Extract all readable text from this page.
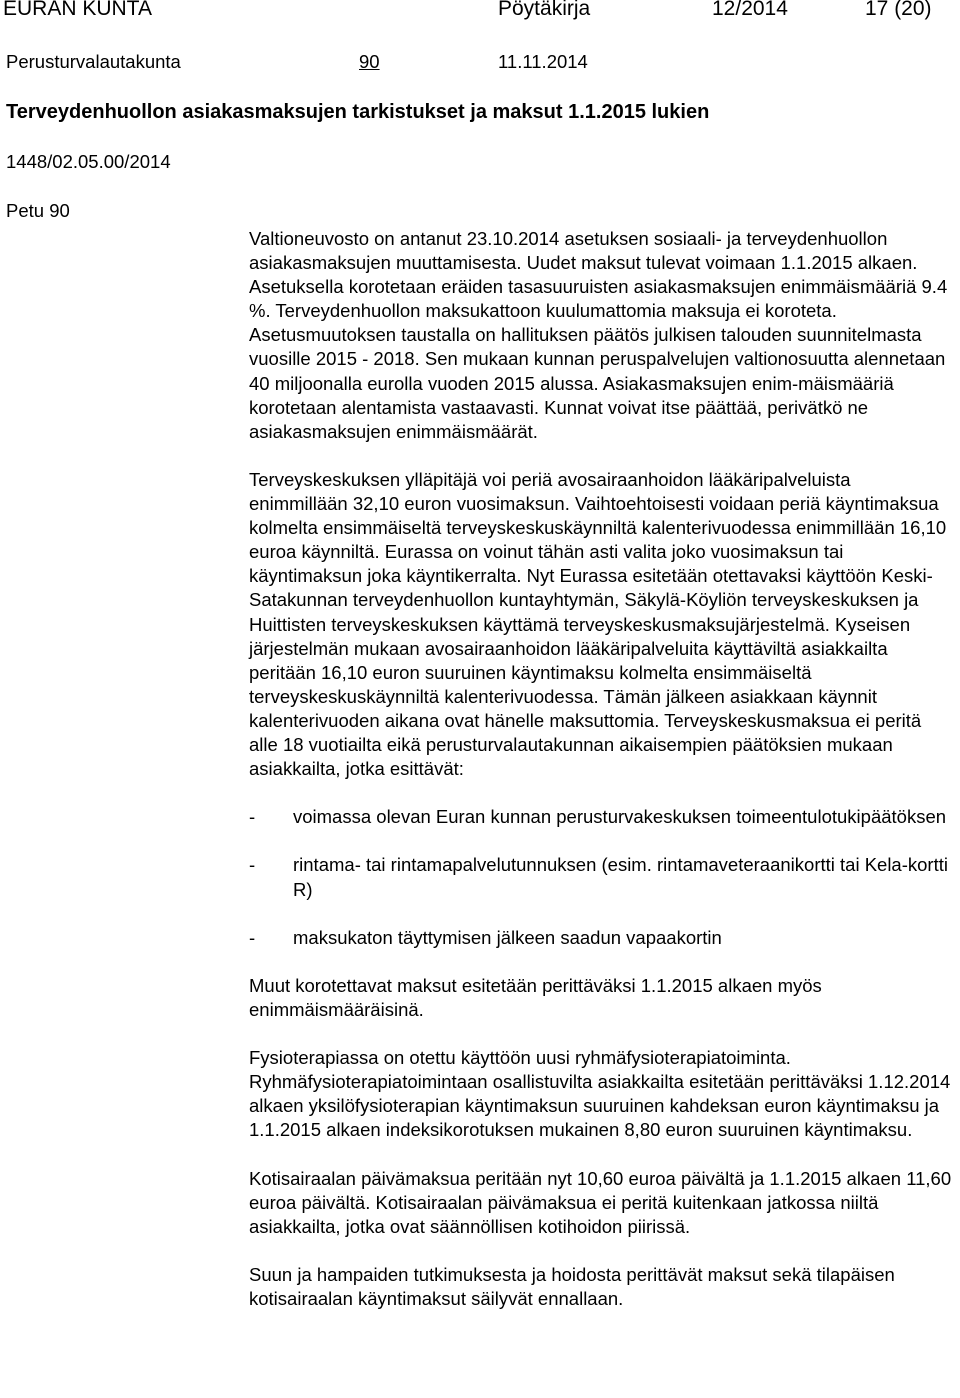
EURAN KUNTA	Pöytäkirja	12/2014	17 (20)
Perusturvalautakunta	90	11.11.2014
Terveydenhuollon asiakasmaksujen tarkistukset ja maksut 1.1.2015 lukien
1448/02.05.00/2014
Petu 90

Valtioneuvosto on antanut 23.10.2014 asetuksen sosiaali- ja terveydenhuollon asiakasmaksujen muuttamisesta. Uudet maksut tulevat voimaan 1.1.2015 alkaen. Asetuksella korotetaan eräiden tasasuuruisten asiakasmaksujen enimmäismääriä 9.4 %. Terveydenhuollon maksukattoon kuulumattomia maksuja ei koroteta. Asetusmuutoksen taustalla on hallituksen päätös julkisen talouden suunnitelmasta vuosille 2015 - 2018. Sen mukaan kunnan peruspalvelujen valtionosuutta alennetaan 40 miljoonalla eurolla vuoden 2015 alussa. Asiakasmaksujen enim-mäismääriä korotetaan alentamista vastaavasti. Kunnat voivat itse päättää, perivätkö ne asiakasmaksujen enimmäismäärät.

Terveyskeskuksen ylläpitäjä voi periä avosairaanhoidon lääkäripalveluista enimmillään 32,10 euron vuosimaksun. Vaihtoehtoisesti voidaan periä käyntimaksua kolmelta ensimmäiseltä terveyskeskuskäynniltä kalenterivuodessa enimmillään 16,10 euroa käynniltä. Eurassa on voinut tähän asti valita joko vuosimaksun tai käyntimaksun joka käyntikerralta. Nyt Eurassa esitetään otettavaksi käyttöön Keski-Satakunnan terveydenhuollon kuntayhtymän, Säkylä-Köyliön terveyskeskuksen ja Huittisten terveyskeskuksen käyttämä terveyskeskusmaksujärjestelmä. Kyseisen järjestelmän mukaan avosairaanhoidon lääkäripalveluita käyttäviltä asiakkailta peritään 16,10 euron suuruinen käyntimaksu kolmelta ensimmäiseltä terveyskeskuskäynniltä kalenterivuodessa. Tämän jälkeen asiakkaan käynnit kalenterivuoden aikana ovat hänelle maksuttomia. Terveyskeskusmaksua ei peritä alle 18 vuotiailta eikä perusturvalautakunnan aikaisempien päätöksien mukaan asiakkailta, jotka esittävät:

- voimassa olevan Euran kunnan perusturvakeskuksen toimeentulotukipäätöksen
- rintama- tai rintamapalvelutunnuksen (esim. rintamaveteraanikortti tai Kela-kortti R)
- maksukaton täyttymisen jälkeen saadun vapaakortin

Muut korotettavat maksut esitetään perittäväksi 1.1.2015 alkaen myös enimmäismääräisinä.

Fysioterapiassa on otettu käyttöön uusi ryhmäfysioterapiatoiminta. Ryhmäfysioterapiatoimintaan osallistuvilta asiakkailta esitetään perittäväksi 1.12.2014 alkaen yksilöfysioterapian käyntimaksun suuruinen kahdeksan euron käyntimaksu ja 1.1.2015 alkaen indeksikorotuksen mukainen 8,80 euron suuruinen käyntimaksu.

Kotisairaalan päivämaksua peritään nyt 10,60 euroa päivältä ja 1.1.2015 alkaen 11,60 euroa päivältä. Kotisairaalan päivämaksua ei peritä kuitenkaan jatkossa niiltä asiakkailta, jotka ovat säännöllisen kotihoidon piirissä.

Suun ja hampaiden tutkimuksesta ja hoidosta perittävät maksut sekä tilapäisen kotisairaalan käyntimaksut säilyvät ennallaan.
